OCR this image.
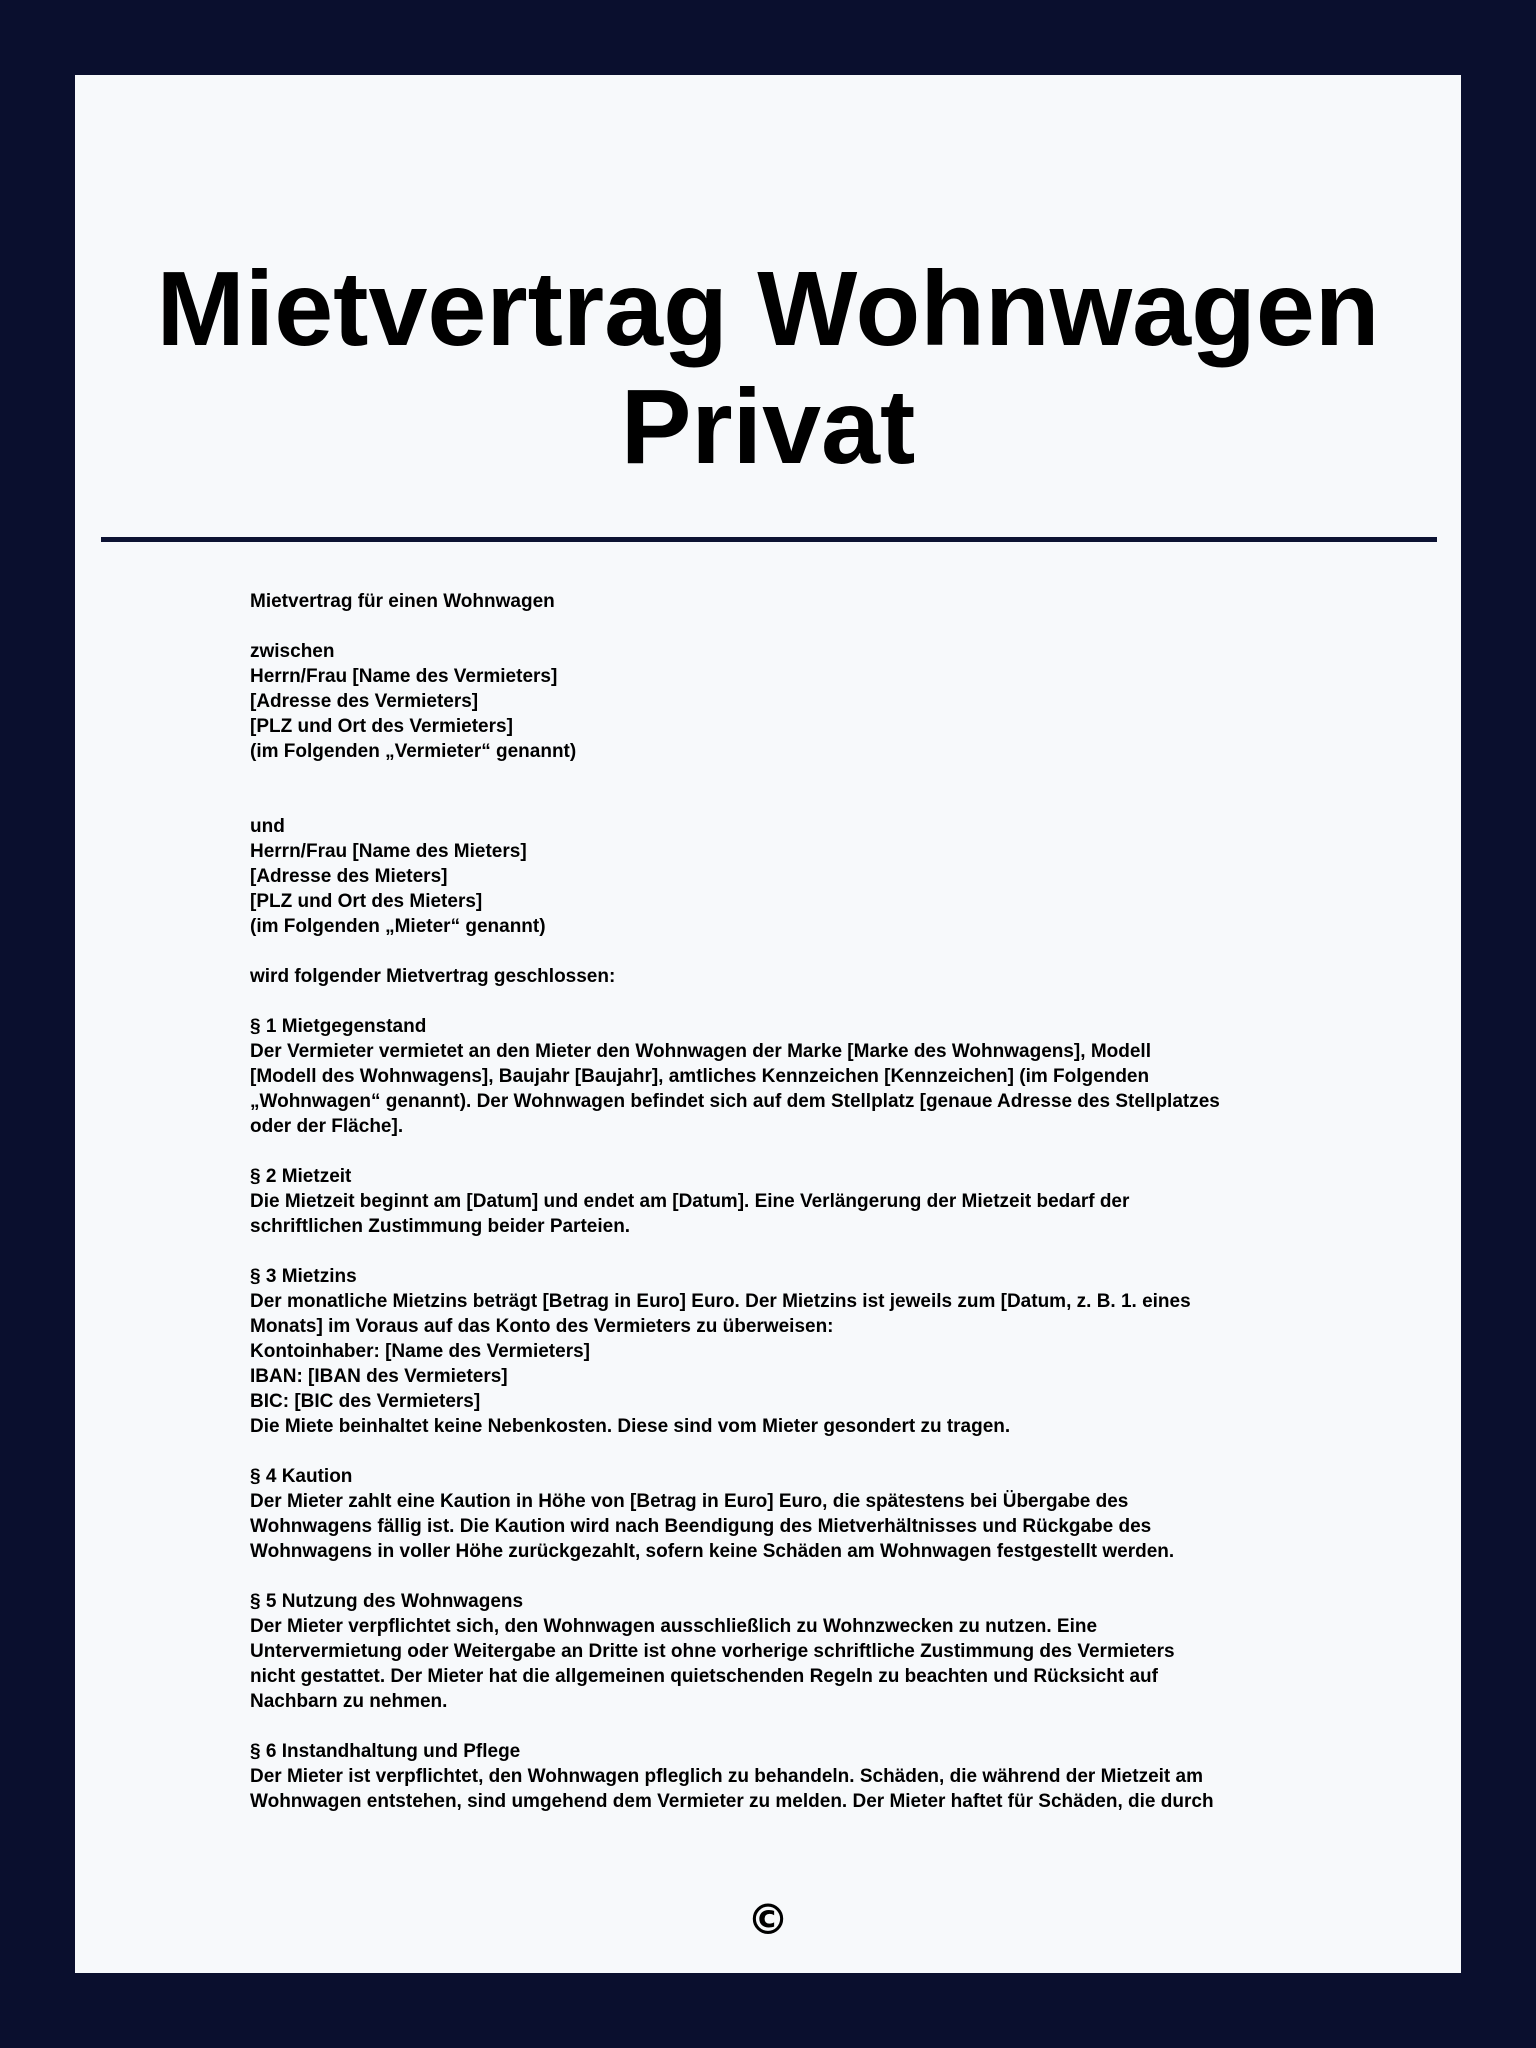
Mietvertrag Wohnwagen Privat

Mietvertrag für einen Wohnwagen

zwischen

Herrn/Frau [Name des Vermieters]

[Adresse des Vermieters]

[PLZ und Ort des Vermieters]

(im Folgenden „Vermieter“ genannt)

und

Herrn/Frau [Name des Mieters]

[Adresse des Mieters]

[PLZ und Ort des Mieters]

(im Folgenden „Mieter“ genannt)

wird folgender Mietvertrag geschlossen:

§ 1 Mietgegenstand

Der Vermieter vermietet an den Mieter den Wohnwagen der Marke [Marke des Wohnwagens], Modell

[Modell des Wohnwagens], Baujahr [Baujahr], amtliches Kennzeichen [Kennzeichen] (im Folgenden

„Wohnwagen“ genannt). Der Wohnwagen befindet sich auf dem Stellplatz [genaue Adresse des Stellplatzes

oder der Fläche].

§ 2 Mietzeit

Die Mietzeit beginnt am [Datum] und endet am [Datum]. Eine Verlängerung der Mietzeit bedarf der

schriftlichen Zustimmung beider Parteien.

§ 3 Mietzins

Der monatliche Mietzins beträgt [Betrag in Euro] Euro. Der Mietzins ist jeweils zum [Datum, z. B. 1. eines

Monats] im Voraus auf das Konto des Vermieters zu überweisen:

Kontoinhaber: [Name des Vermieters]

IBAN: [IBAN des Vermieters]

BIC: [BIC des Vermieters]

Die Miete beinhaltet keine Nebenkosten. Diese sind vom Mieter gesondert zu tragen.

§ 4 Kaution

Der Mieter zahlt eine Kaution in Höhe von [Betrag in Euro] Euro, die spätestens bei Übergabe des

Wohnwagens fällig ist. Die Kaution wird nach Beendigung des Mietverhältnisses und Rückgabe des

Wohnwagens in voller Höhe zurückgezahlt, sofern keine Schäden am Wohnwagen festgestellt werden.

§ 5 Nutzung des Wohnwagens

Der Mieter verpflichtet sich, den Wohnwagen ausschließlich zu Wohnzwecken zu nutzen. Eine

Untervermietung oder Weitergabe an Dritte ist ohne vorherige schriftliche Zustimmung des Vermieters

nicht gestattet. Der Mieter hat die allgemeinen quietschenden Regeln zu beachten und Rücksicht auf

Nachbarn zu nehmen.

§ 6 Instandhaltung und Pflege

Der Mieter ist verpflichtet, den Wohnwagen pfleglich zu behandeln. Schäden, die während der Mietzeit am

Wohnwagen entstehen, sind umgehend dem Vermieter zu melden. Der Mieter haftet für Schäden, die durch

©
